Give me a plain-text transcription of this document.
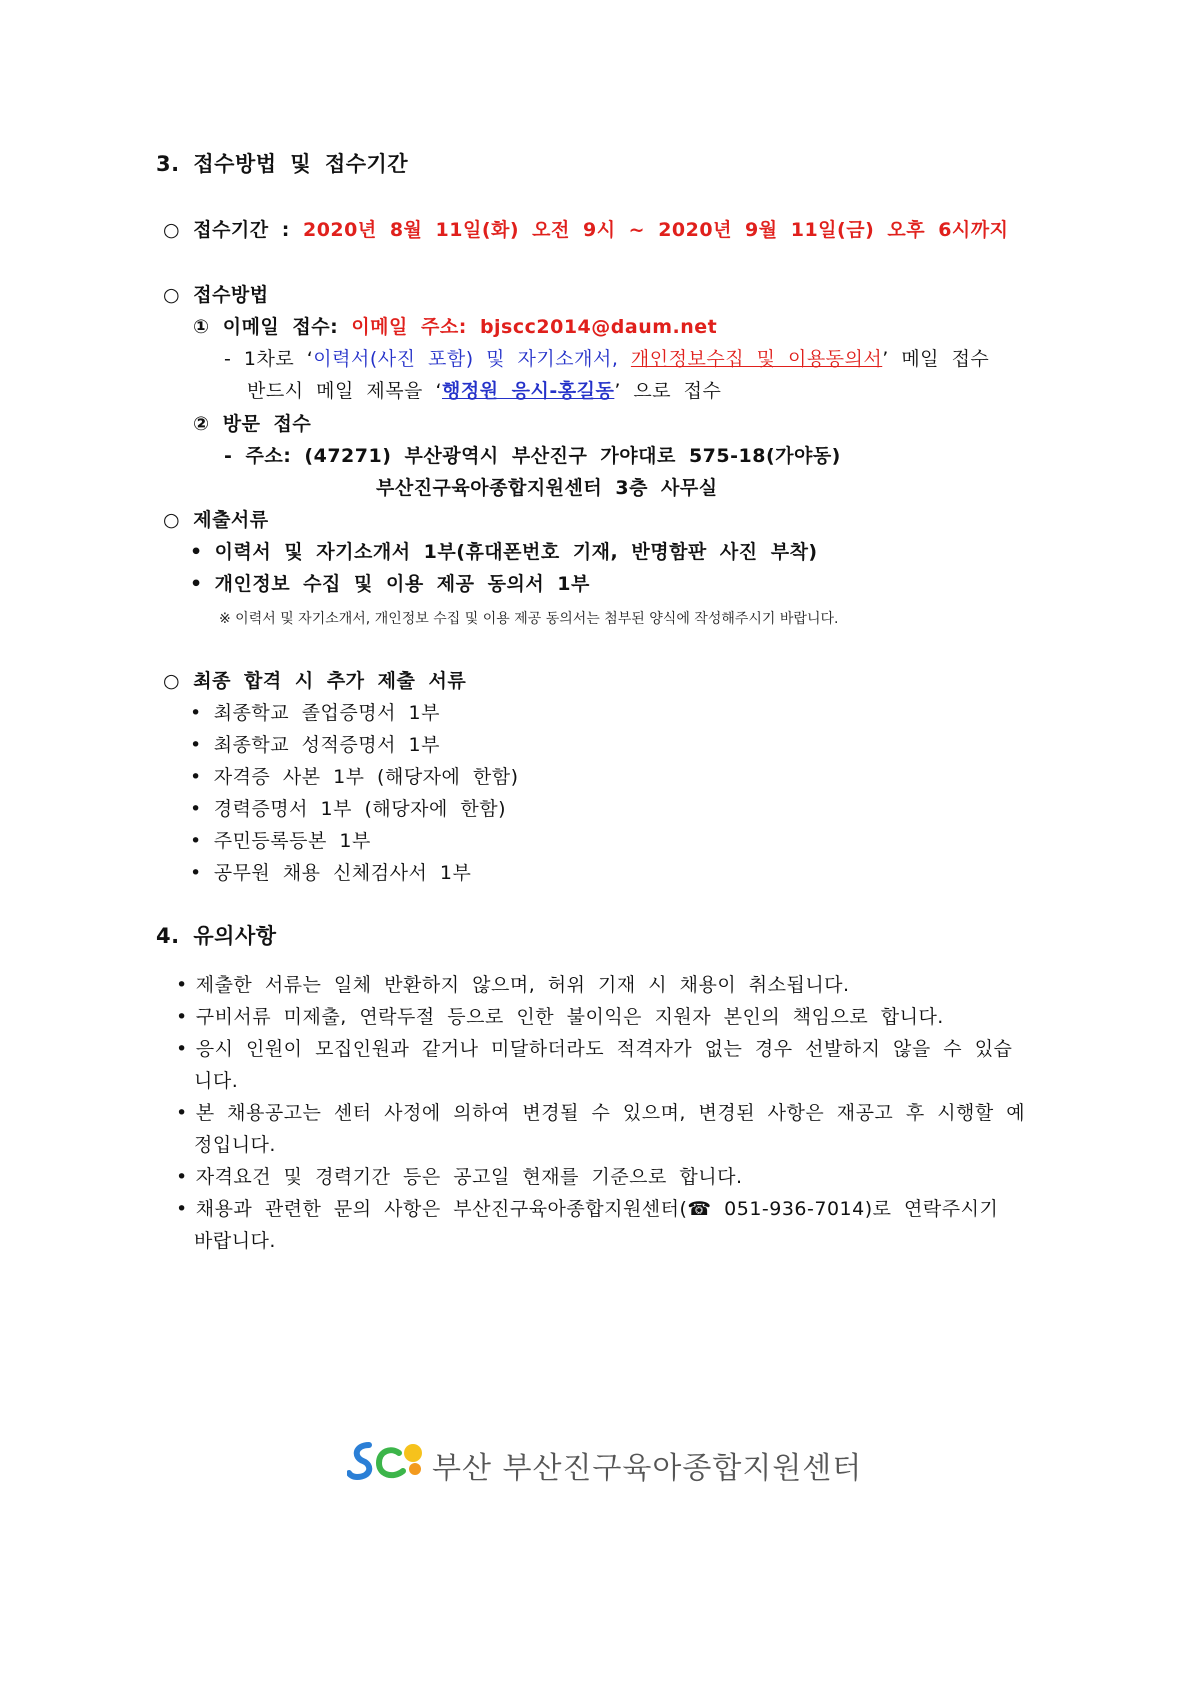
3. 접수방법 및 접수기간
○ 접수기간 : 2020년 8월 11일(화) 오전 9시 ~ 2020년 9월 11일(금) 오후 6시까지
○ 접수방법
① 이메일 접수: 이메일 주소: bjscc2014@daum.net
- 1차로 ‘이력서(사진 포함) 및 자기소개서, 개인정보수집 및 이용동의서’ 메일 접수
반드시 메일 제목을 ‘행정원 응시-홍길동’ 으로 접수
② 방문 접수
- 주소: (47271) 부산광역시 부산진구 가야대로 575-18(가야동)
부산진구육아종합지원센터 3층 사무실
○ 제출서류
• 이력서 및 자기소개서 1부(휴대폰번호 기재, 반명함판 사진 부착)
• 개인정보 수집 및 이용 제공 동의서 1부
※ 이력서 및 자기소개서, 개인정보 수집 및 이용 제공 동의서는 첨부된 양식에 작성해주시기 바랍니다.
○ 최종 합격 시 추가 제출 서류
• 최종학교 졸업증명서 1부
• 최종학교 성적증명서 1부
• 자격증 사본 1부 (해당자에 한함)
• 경력증명서 1부 (해당자에 한함)
• 주민등록등본 1부
• 공무원 채용 신체검사서 1부
4. 유의사항
• 제출한 서류는 일체 반환하지 않으며, 허위 기재 시 채용이 취소됩니다.
• 구비서류 미제출, 연락두절 등으로 인한 불이익은 지원자 본인의 책임으로 합니다.
• 응시 인원이 모집인원과 같거나 미달하더라도 적격자가 없는 경우 선발하지 않을 수 있습
니다.
• 본 채용공고는 센터 사정에 의하여 변경될 수 있으며, 변경된 사항은 재공고 후 시행할 예
정입니다.
• 자격요건 및 경력기간 등은 공고일 현재를 기준으로 합니다.
• 채용과 관련한 문의 사항은 부산진구육아종합지원센터(☎ 051-936-7014)로 연락주시기
바랍니다.
부산 부산진구육아종합지원센터
